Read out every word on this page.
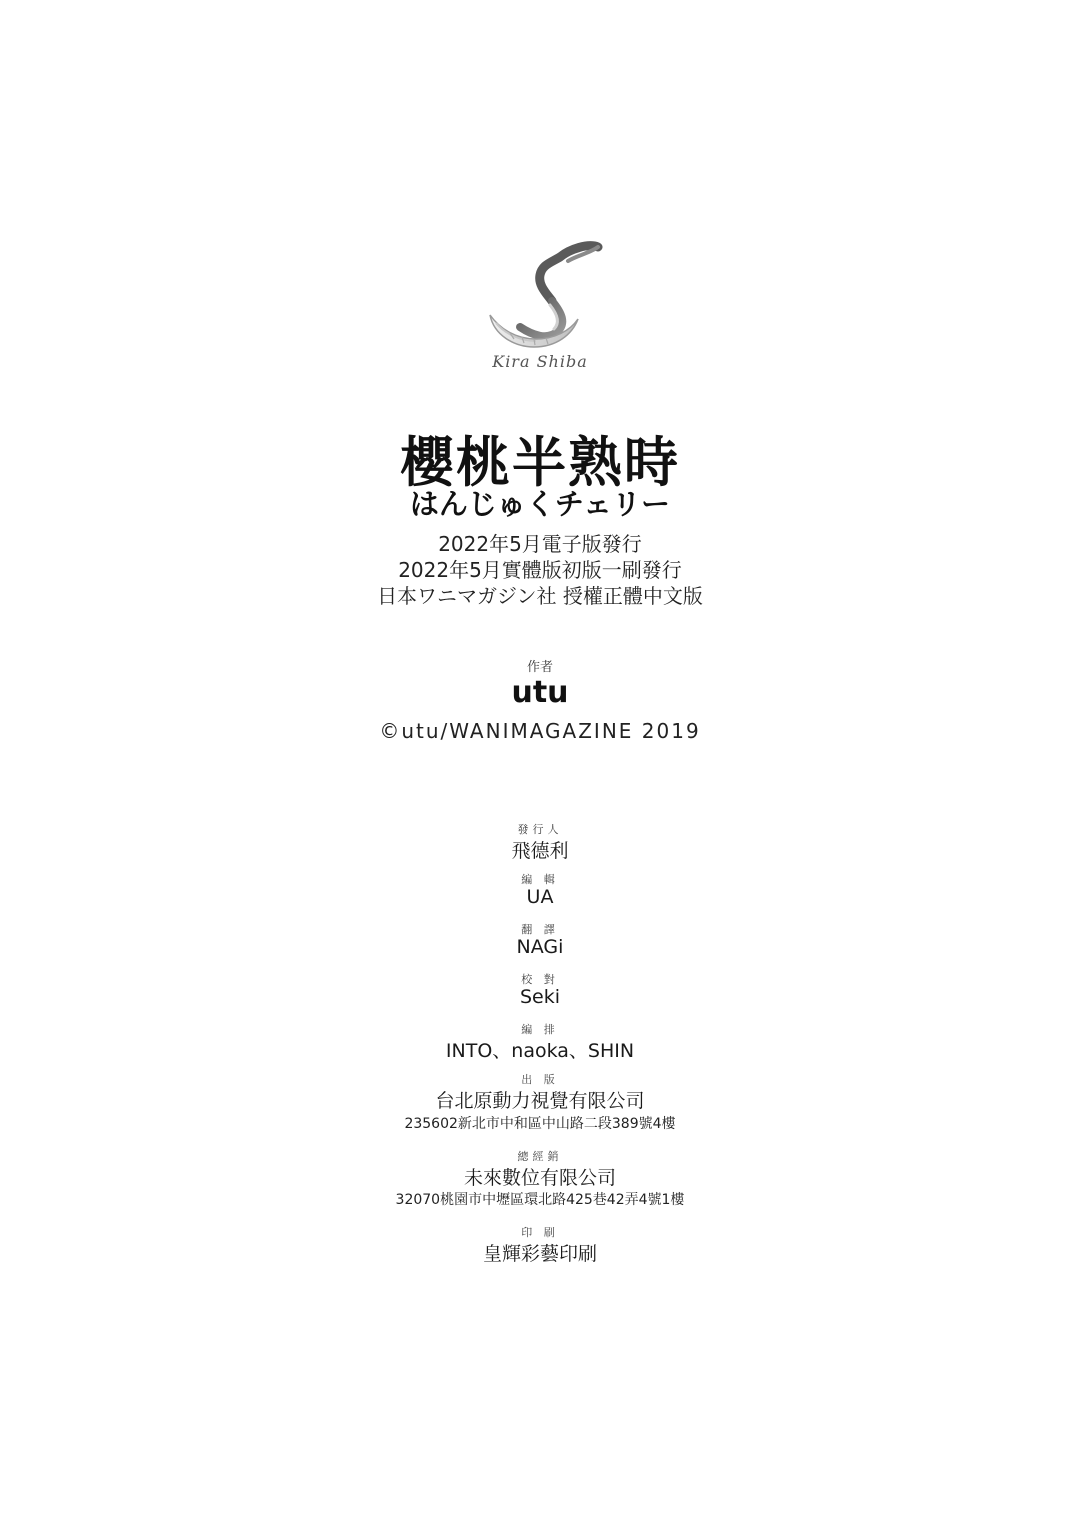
Kira Shiba
櫻桃半熟時
はんじゅくチェリー
2022年5月電子版發行
2022年5月實體版初版一刷發行
日本ワニマガジン社 授權正體中文版
作者
utu
©utu/WANIMAGAZINE 2019
發行人
飛德利
編 輯
UA
翻 譯
NAGi
校 對
Seki
編 排
INTO、naoka、SHIN
出 版
台北原動力視覺有限公司
235602新北市中和區中山路二段389號4樓
總經銷
未來數位有限公司
32070桃園市中壢區環北路425巷42弄4號1樓
印 刷
皇輝彩藝印刷
